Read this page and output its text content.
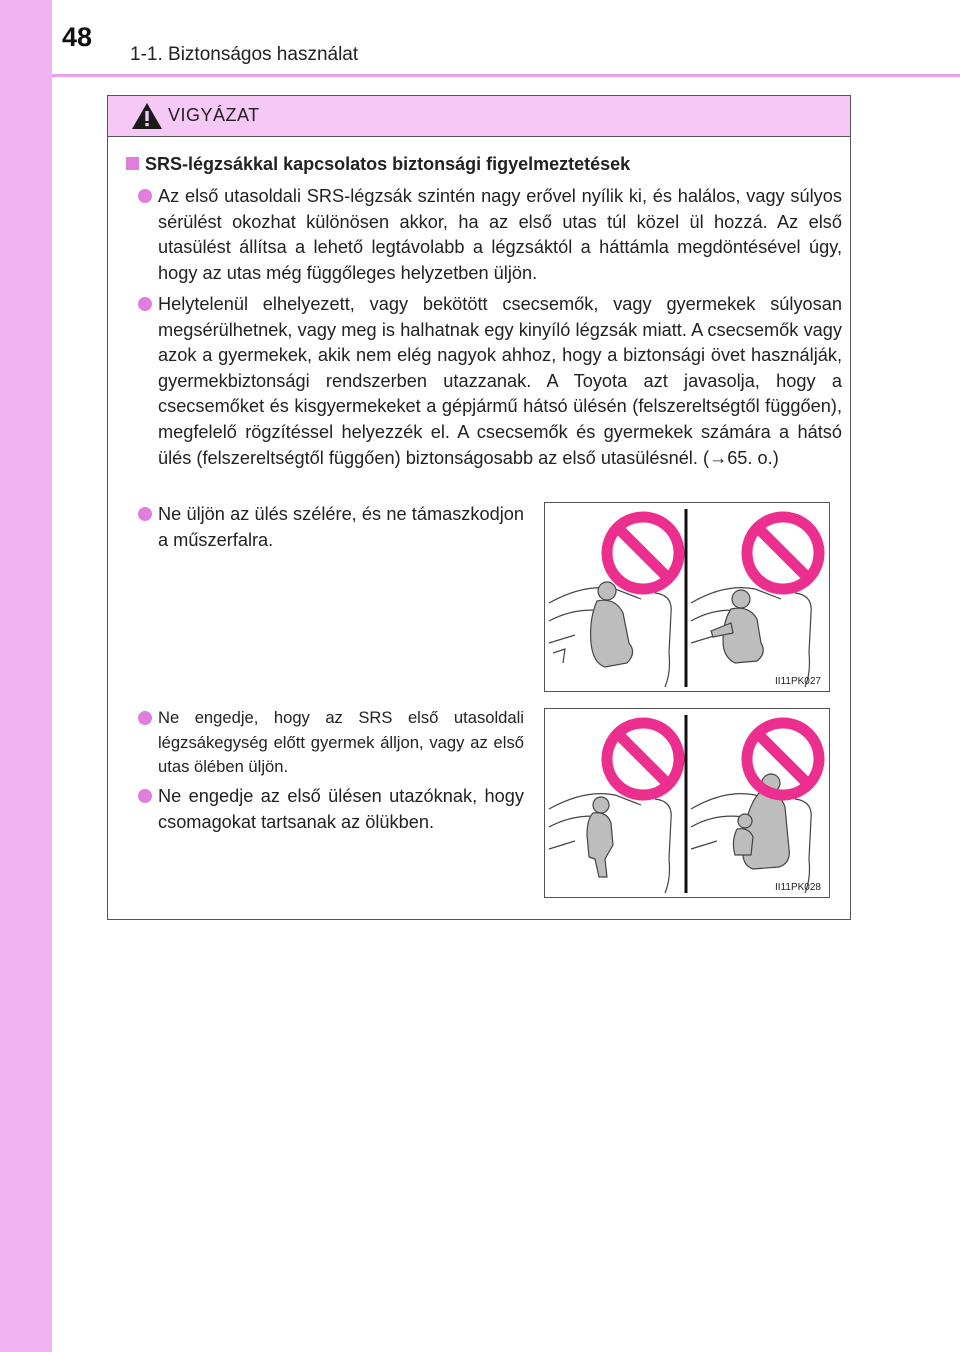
48
1-1. Biztonságos használat
VIGYÁZAT
SRS-légzsákkal kapcsolatos biztonsági figyelmeztetések
Az első utasoldali SRS-légzsák szintén nagy erővel nyílik ki, és halálos, vagy súlyos sérülést okozhat különösen akkor, ha az első utas túl közel ül hozzá. Az első utasülést állítsa a lehető legtávolabb a légzsáktól a háttámla megdöntésével úgy, hogy az utas még függőleges helyzetben üljön.
Helytelenül elhelyezett, vagy bekötött csecsemők, vagy gyermekek súlyosan megsérülhetnek, vagy meg is halhatnak egy kinyíló légzsák miatt. A csecsemők vagy azok a gyermekek, akik nem elég nagyok ahhoz, hogy a biztonsági övet használják, gyermekbiztonsági rendszerben utazzanak. A Toyota azt javasolja, hogy a csecsemőket és kisgyermekeket a gépjármű hátsó ülésén (felszereltségtől függően), megfelelő rögzítéssel helyezzék el. A csecsemők és gyermekek számára a hátsó ülés (felszereltségtől függően) biztonságosabb az első utasülésnél. (→65. o.)
Ne üljön az ülés szélére, és ne támaszkodjon a műszerfalra.
Ne engedje, hogy az SRS első utasoldali légzsákegység előtt gyermek álljon, vagy az első utas ölében üljön.
Ne engedje az első ülésen utazóknak, hogy csomagokat tartsanak az ölükben.
II11PK027
II11PK028
